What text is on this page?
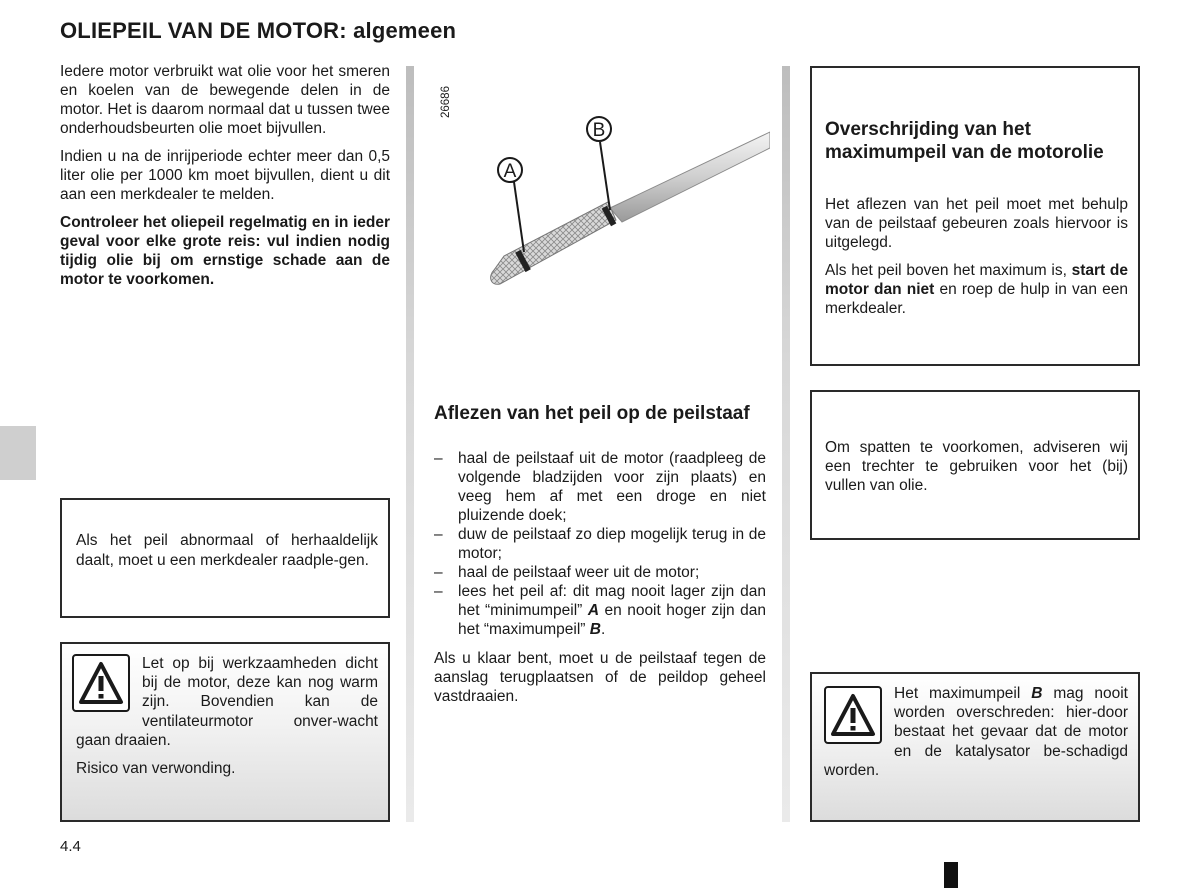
OLIEPEIL VAN DE MOTOR: algemeen

Iedere motor verbruikt wat olie voor het smeren en koelen van de bewegende delen in de motor. Het is daarom normaal dat u tussen twee onderhoudsbeurten olie moet bijvullen.

Indien u na de inrijperiode echter meer dan 0,5 liter olie per 1000 km moet bijvullen, dient u dit aan een merkdealer te melden.

Controleer het oliepeil regelmatig en in ieder geval voor elke grote reis: vul indien nodig tijdig olie bij om ernstige schade aan de motor te voorkomen.

Als het peil abnormaal of herhaaldelijk daalt, moet u een merkdealer raadple-gen.

Let op bij werkzaamheden dicht bij de motor, deze kan nog warm zijn. Bovendien kan de ventilateurmotor onver-wacht gaan draaien.

Risico van verwonding.

26686
A
B
Aflezen van het peil op de peilstaaf
– haal de peilstaaf uit de motor (raadpleeg de volgende bladzijden voor zijn plaats) en veeg hem af met een droge en niet pluizende doek;
– duw de peilstaaf zo diep mogelijk terug in de motor;
– haal de peilstaaf weer uit de motor;
– lees het peil af: dit mag nooit lager zijn dan het “minimumpeil” A en nooit hoger zijn dan het “maximumpeil” B.

Als u klaar bent, moet u de peilstaaf tegen de aanslag terugplaatsen of de peildop geheel vastdraaien.

Overschrijding van het maximumpeil van de motorolie

Het aflezen van het peil moet met behulp van de peilstaaf gebeuren zoals hiervoor is uitgelegd.

Als het peil boven het maximum is, start de motor dan niet en roep de hulp in van een merkdealer.

Om spatten te voorkomen, adviseren wij een trechter te gebruiken voor het (bij) vullen van olie.

Het maximumpeil B mag nooit worden overschreden: hier-door bestaat het gevaar dat de motor en de katalysator be-schadigd worden.

4.4
